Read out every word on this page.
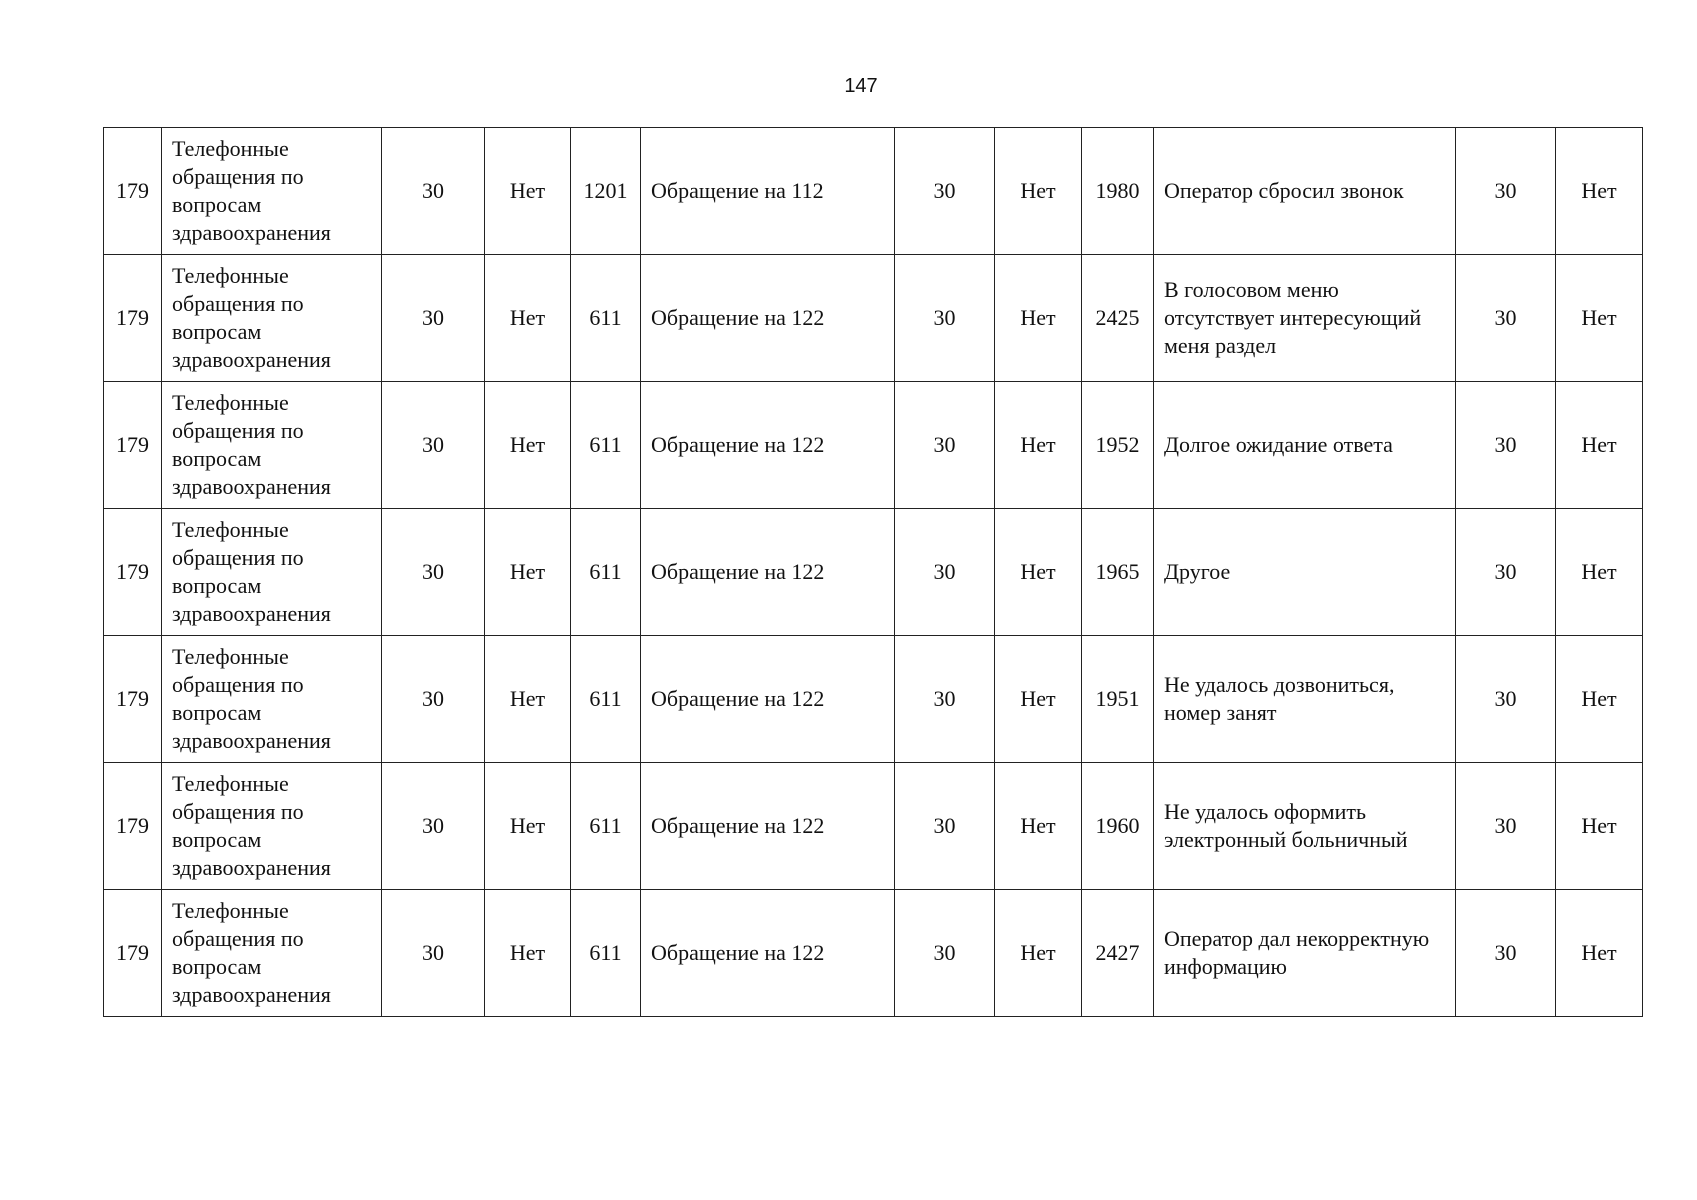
147
179	Телефонные обращения по вопросам здравоохранения	30	Нет	1201	Обращение на 112	30	Нет	1980	Оператор сбросил звонок	30	Нет
179	Телефонные обращения по вопросам здравоохранения	30	Нет	611	Обращение на 122	30	Нет	2425	В голосовом меню отсутствует интересующий меня раздел	30	Нет
179	Телефонные обращения по вопросам здравоохранения	30	Нет	611	Обращение на 122	30	Нет	1952	Долгое ожидание ответа	30	Нет
179	Телефонные обращения по вопросам здравоохранения	30	Нет	611	Обращение на 122	30	Нет	1965	Другое	30	Нет
179	Телефонные обращения по вопросам здравоохранения	30	Нет	611	Обращение на 122	30	Нет	1951	Не удалось дозвониться, номер занят	30	Нет
179	Телефонные обращения по вопросам здравоохранения	30	Нет	611	Обращение на 122	30	Нет	1960	Не удалось оформить электронный больничный	30	Нет
179	Телефонные обращения по вопросам здравоохранения	30	Нет	611	Обращение на 122	30	Нет	2427	Оператор дал некорректную информацию	30	Нет
